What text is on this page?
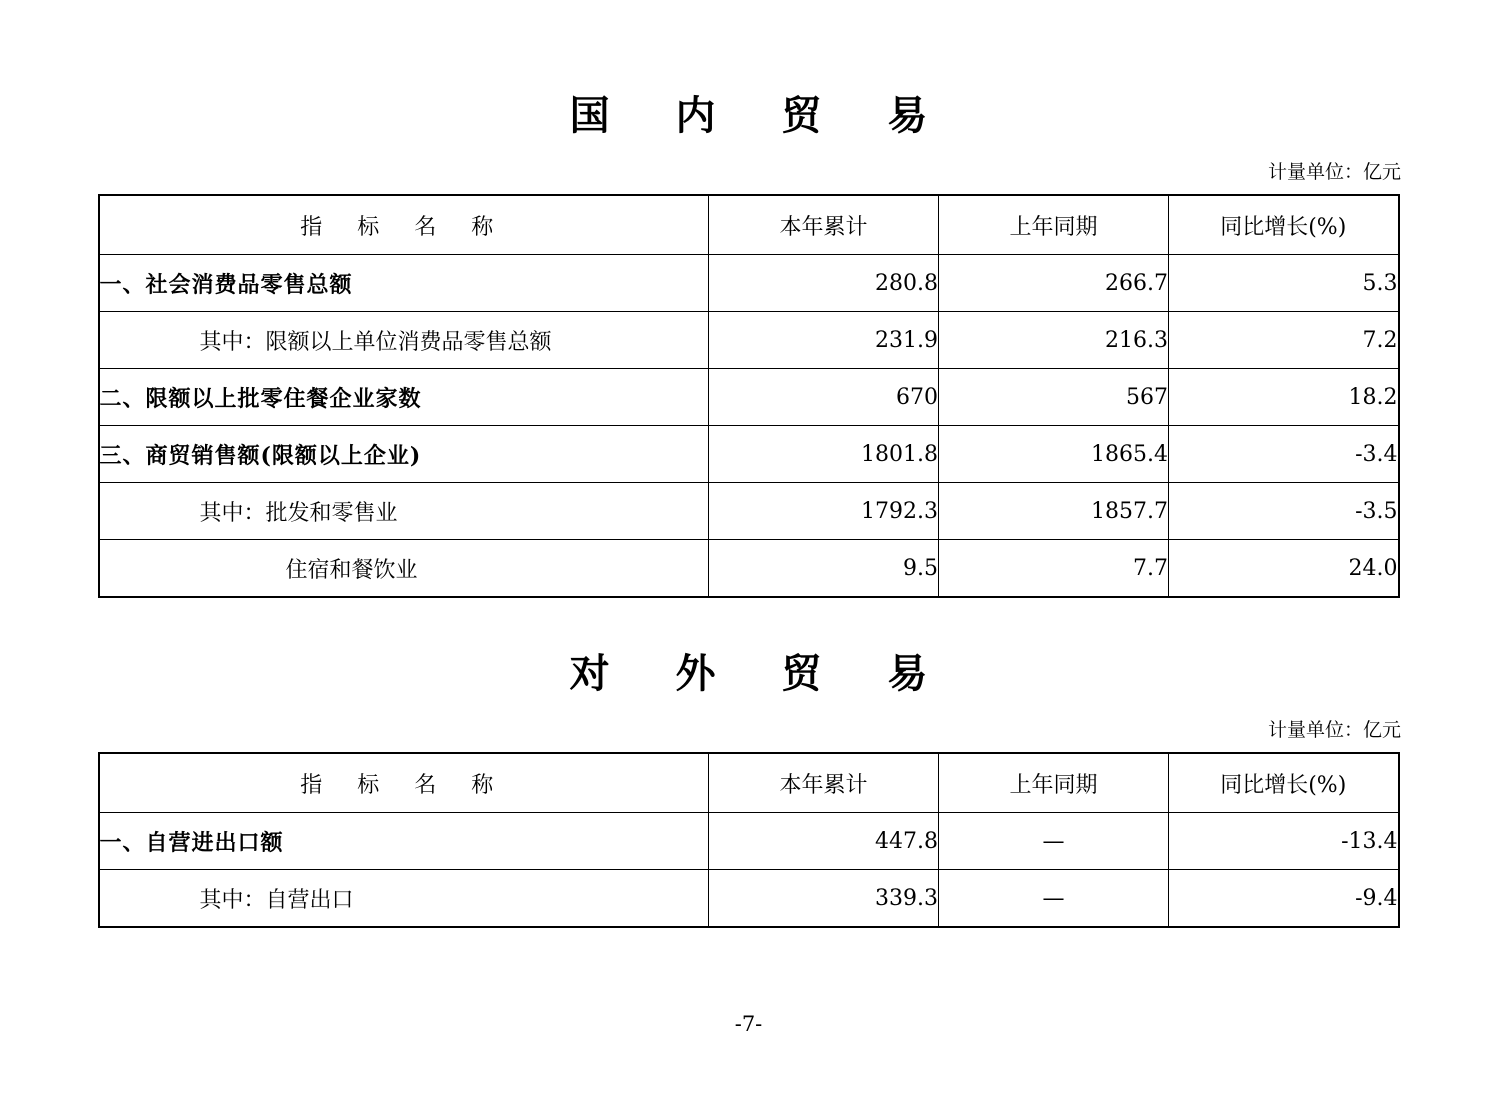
国 内 贸 易
计量单位：亿元
指 标 名 称	本年累计	上年同期	同比增长(%)
一、社会消费品零售总额	280.8	266.7	5.3
其中：限额以上单位消费品零售总额	231.9	216.3	7.2
二、限额以上批零住餐企业家数	670	567	18.2
三、商贸销售额(限额以上企业)	1801.8	1865.4	-3.4
其中：批发和零售业	1792.3	1857.7	-3.5
住宿和餐饮业	9.5	7.7	24.0
对 外 贸 易
计量单位：亿元
指 标 名 称	本年累计	上年同期	同比增长(%)
一、自营进出口额	447.8	—	-13.4
其中：自营出口	339.3	—	-9.4
-7-
